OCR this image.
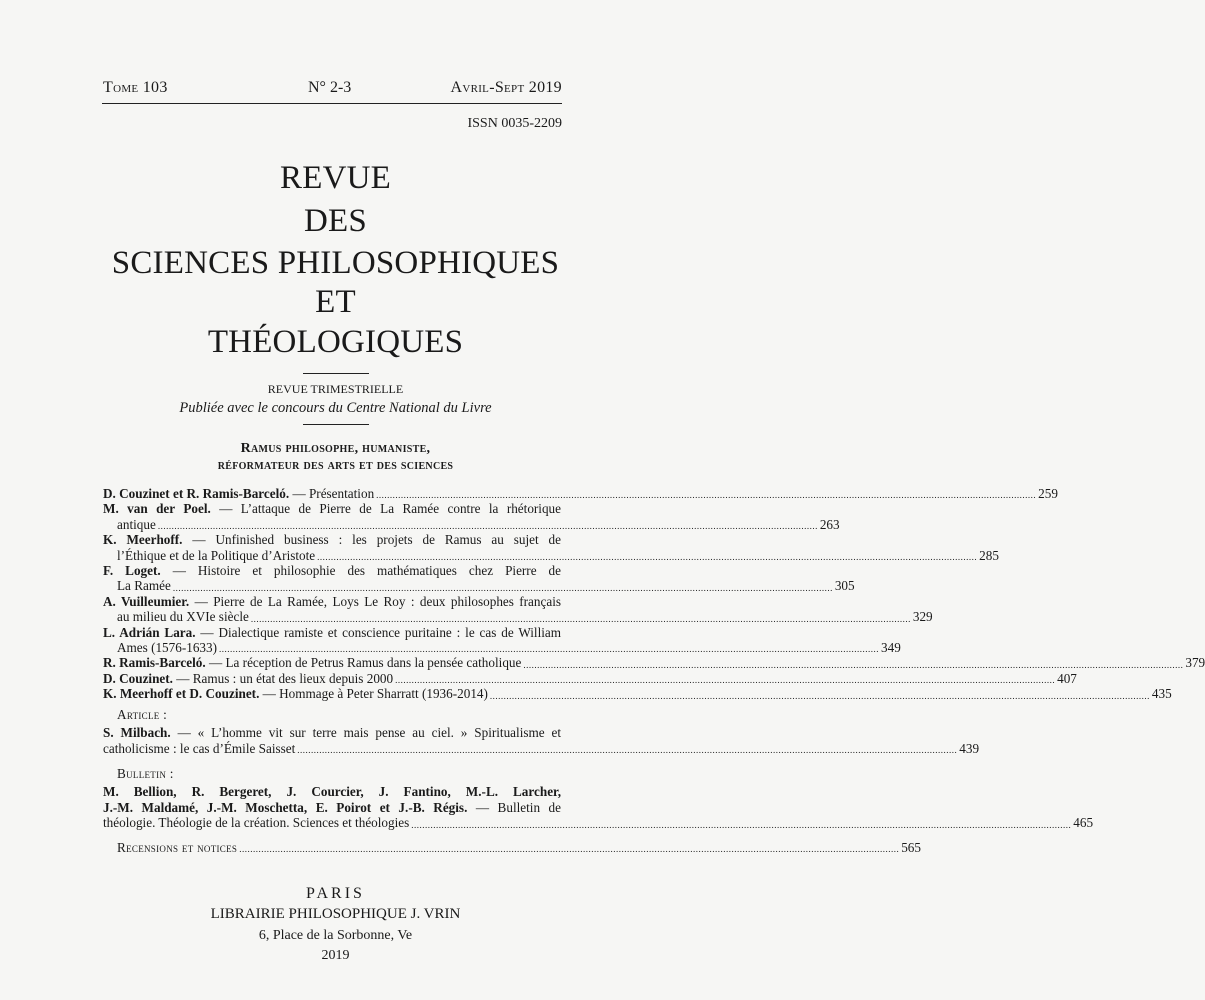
Tome 103	N° 2-3	Avril-Sept 2019
ISSN 0035-2209
REVUE
DES
SCIENCES PHILOSOPHIQUES
ET
THÉOLOGIQUES
REVUE TRIMESTRIELLE
Publiée avec le concours du Centre National du Livre
Ramus philosophe, humaniste,
réformateur des arts et des sciences
D. Couzinet et R. Ramis-Barceló. — Présentation .....	259
M. van der Poel. — L’attaque de Pierre de La Ramée contre la rhétorique
antique .....	263
K. Meerhoff. — Unfinished business : les projets de Ramus au sujet de
l’Éthique et de la Politique d’Aristote .....	285
F. Loget. — Histoire et philosophie des mathématiques chez Pierre de
La Ramée .....	305
A. Vuilleumier. — Pierre de La Ramée, Loys Le Roy : deux philosophes français
au milieu du XVIe siècle .....	329
L. Adrián Lara. — Dialectique ramiste et conscience puritaine : le cas de William
Ames (1576-1633) .....	349
R. Ramis-Barceló. — La réception de Petrus Ramus dans la pensée catholique .....	379
D. Couzinet. — Ramus : un état des lieux depuis 2000 .....	407
K. Meerhoff et D. Couzinet. — Hommage à Peter Sharratt (1936-2014) .....	435
Article :
S. Milbach. — « L’homme vit sur terre mais pense au ciel. » Spiritualisme et
catholicisme : le cas d’Émile Saisset .....	439
Bulletin :
M. Bellion, R. Bergeret, J. Courcier, J. Fantino, M.-L. Larcher,
J.-M. Maldamé, J.-M. Moschetta, E. Poirot et J.-B. Régis. — Bulletin de
théologie. Théologie de la création. Sciences et théologies .....	465
Recensions et notices .....	565
PARIS
LIBRAIRIE PHILOSOPHIQUE J. VRIN
6, Place de la Sorbonne, Ve
2019
